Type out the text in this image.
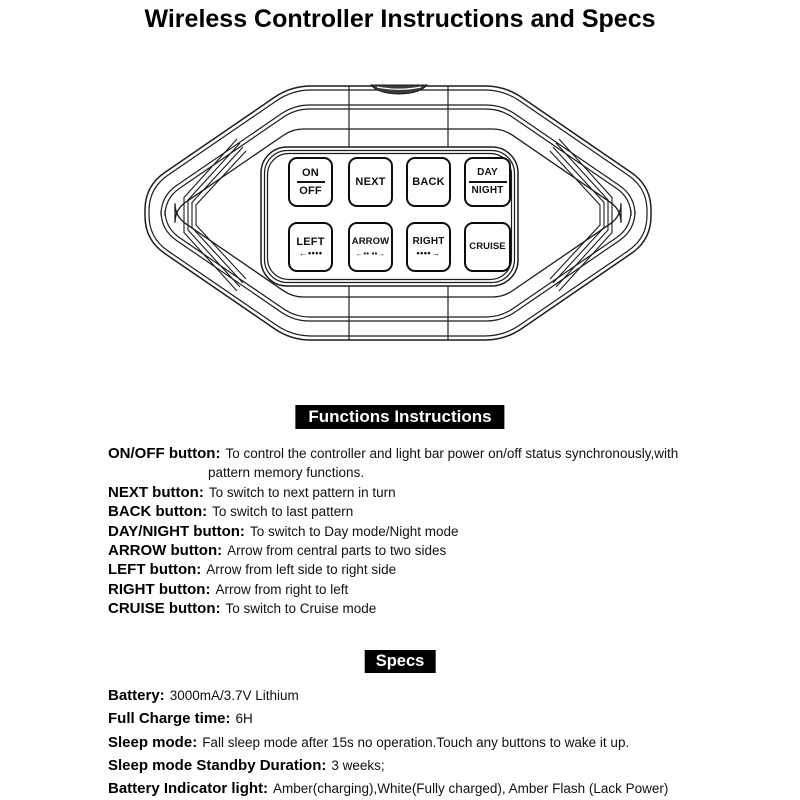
Wireless Controller Instructions and Specs
ON
OFF
NEXT BACK
DAY
NIGHT
LEFT
←••••
ARROW
←•• ••→
RIGHT
••••→
CRUISE
Functions Instructions
ON/OFF button: To control the controller and light bar power on/off status synchronously,with
pattern memory functions.
NEXT button: To switch to next pattern in turn
BACK button: To switch to last pattern
DAY/NIGHT button: To switch to Day mode/Night mode
ARROW button: Arrow from central parts to two sides
LEFT button: Arrow from left side to right side
RIGHT button: Arrow from right to left
CRUISE button: To switch to Cruise mode
Specs
Battery: 3000mA/3.7V Lithium
Full Charge time: 6H
Sleep mode: Fall sleep mode after 15s no operation.Touch any buttons to wake it up.
Sleep mode Standby Duration: 3 weeks;
Battery Indicator light: Amber(charging),White(Fully charged), Amber Flash (Lack Power)
